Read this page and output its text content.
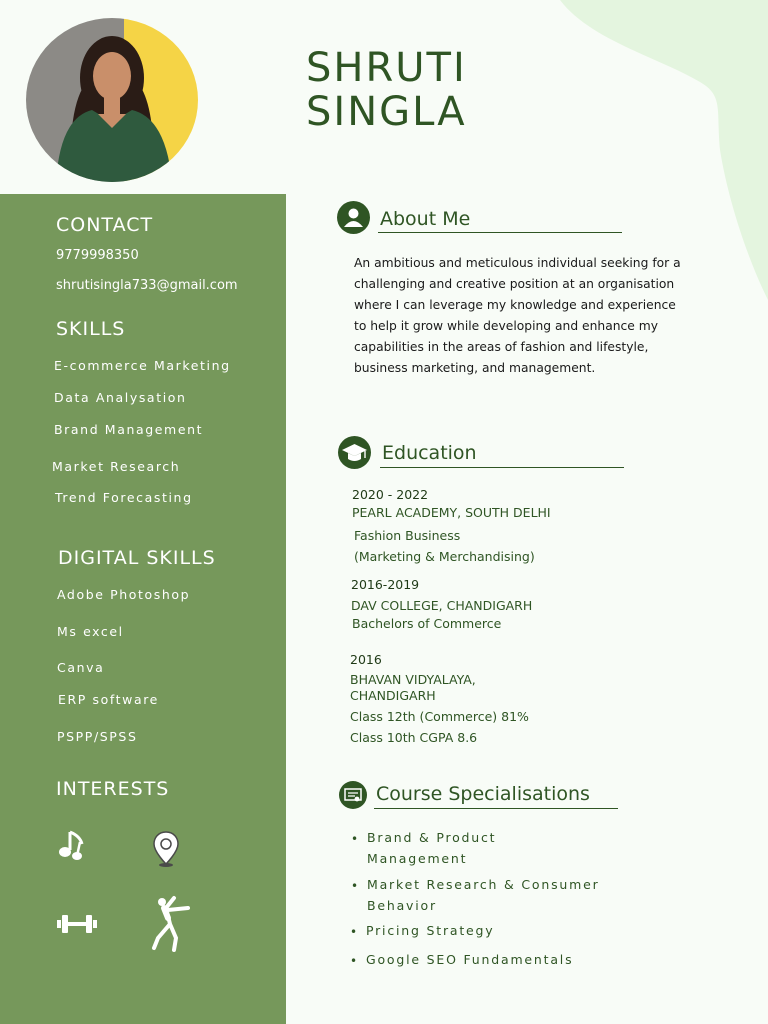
SHRUTI
SINGLA
CONTACT
9779998350
shrutisingla733@gmail.com
SKILLS
E-commerce Marketing
Data Analysation
Brand Management
Market Research
Trend Forecasting
DIGITAL SKILLS
Adobe Photoshop
Ms excel
Canva
ERP software
PSPP/SPSS
INTERESTS
About Me
An ambitious and meticulous individual seeking for a challenging and creative position at an organisation where I can leverage my knowledge and experience to help it grow while developing and enhance my capabilities in the areas of fashion and lifestyle, business marketing, and management.
Education
2020 - 2022
PEARL ACADEMY, SOUTH DELHI
Fashion Business
(Marketing & Merchandising)
2016-2019
DAV COLLEGE, CHANDIGARH
Bachelors of Commerce
2016
BHAVAN VIDYALAYA,
CHANDIGARH
Class 12th (Commerce) 81%
Class 10th CGPA 8.6
Course Specialisations
• Brand & Product
Management
• Market Research & Consumer
Behavior
• Pricing Strategy
• Google SEO Fundamentals
